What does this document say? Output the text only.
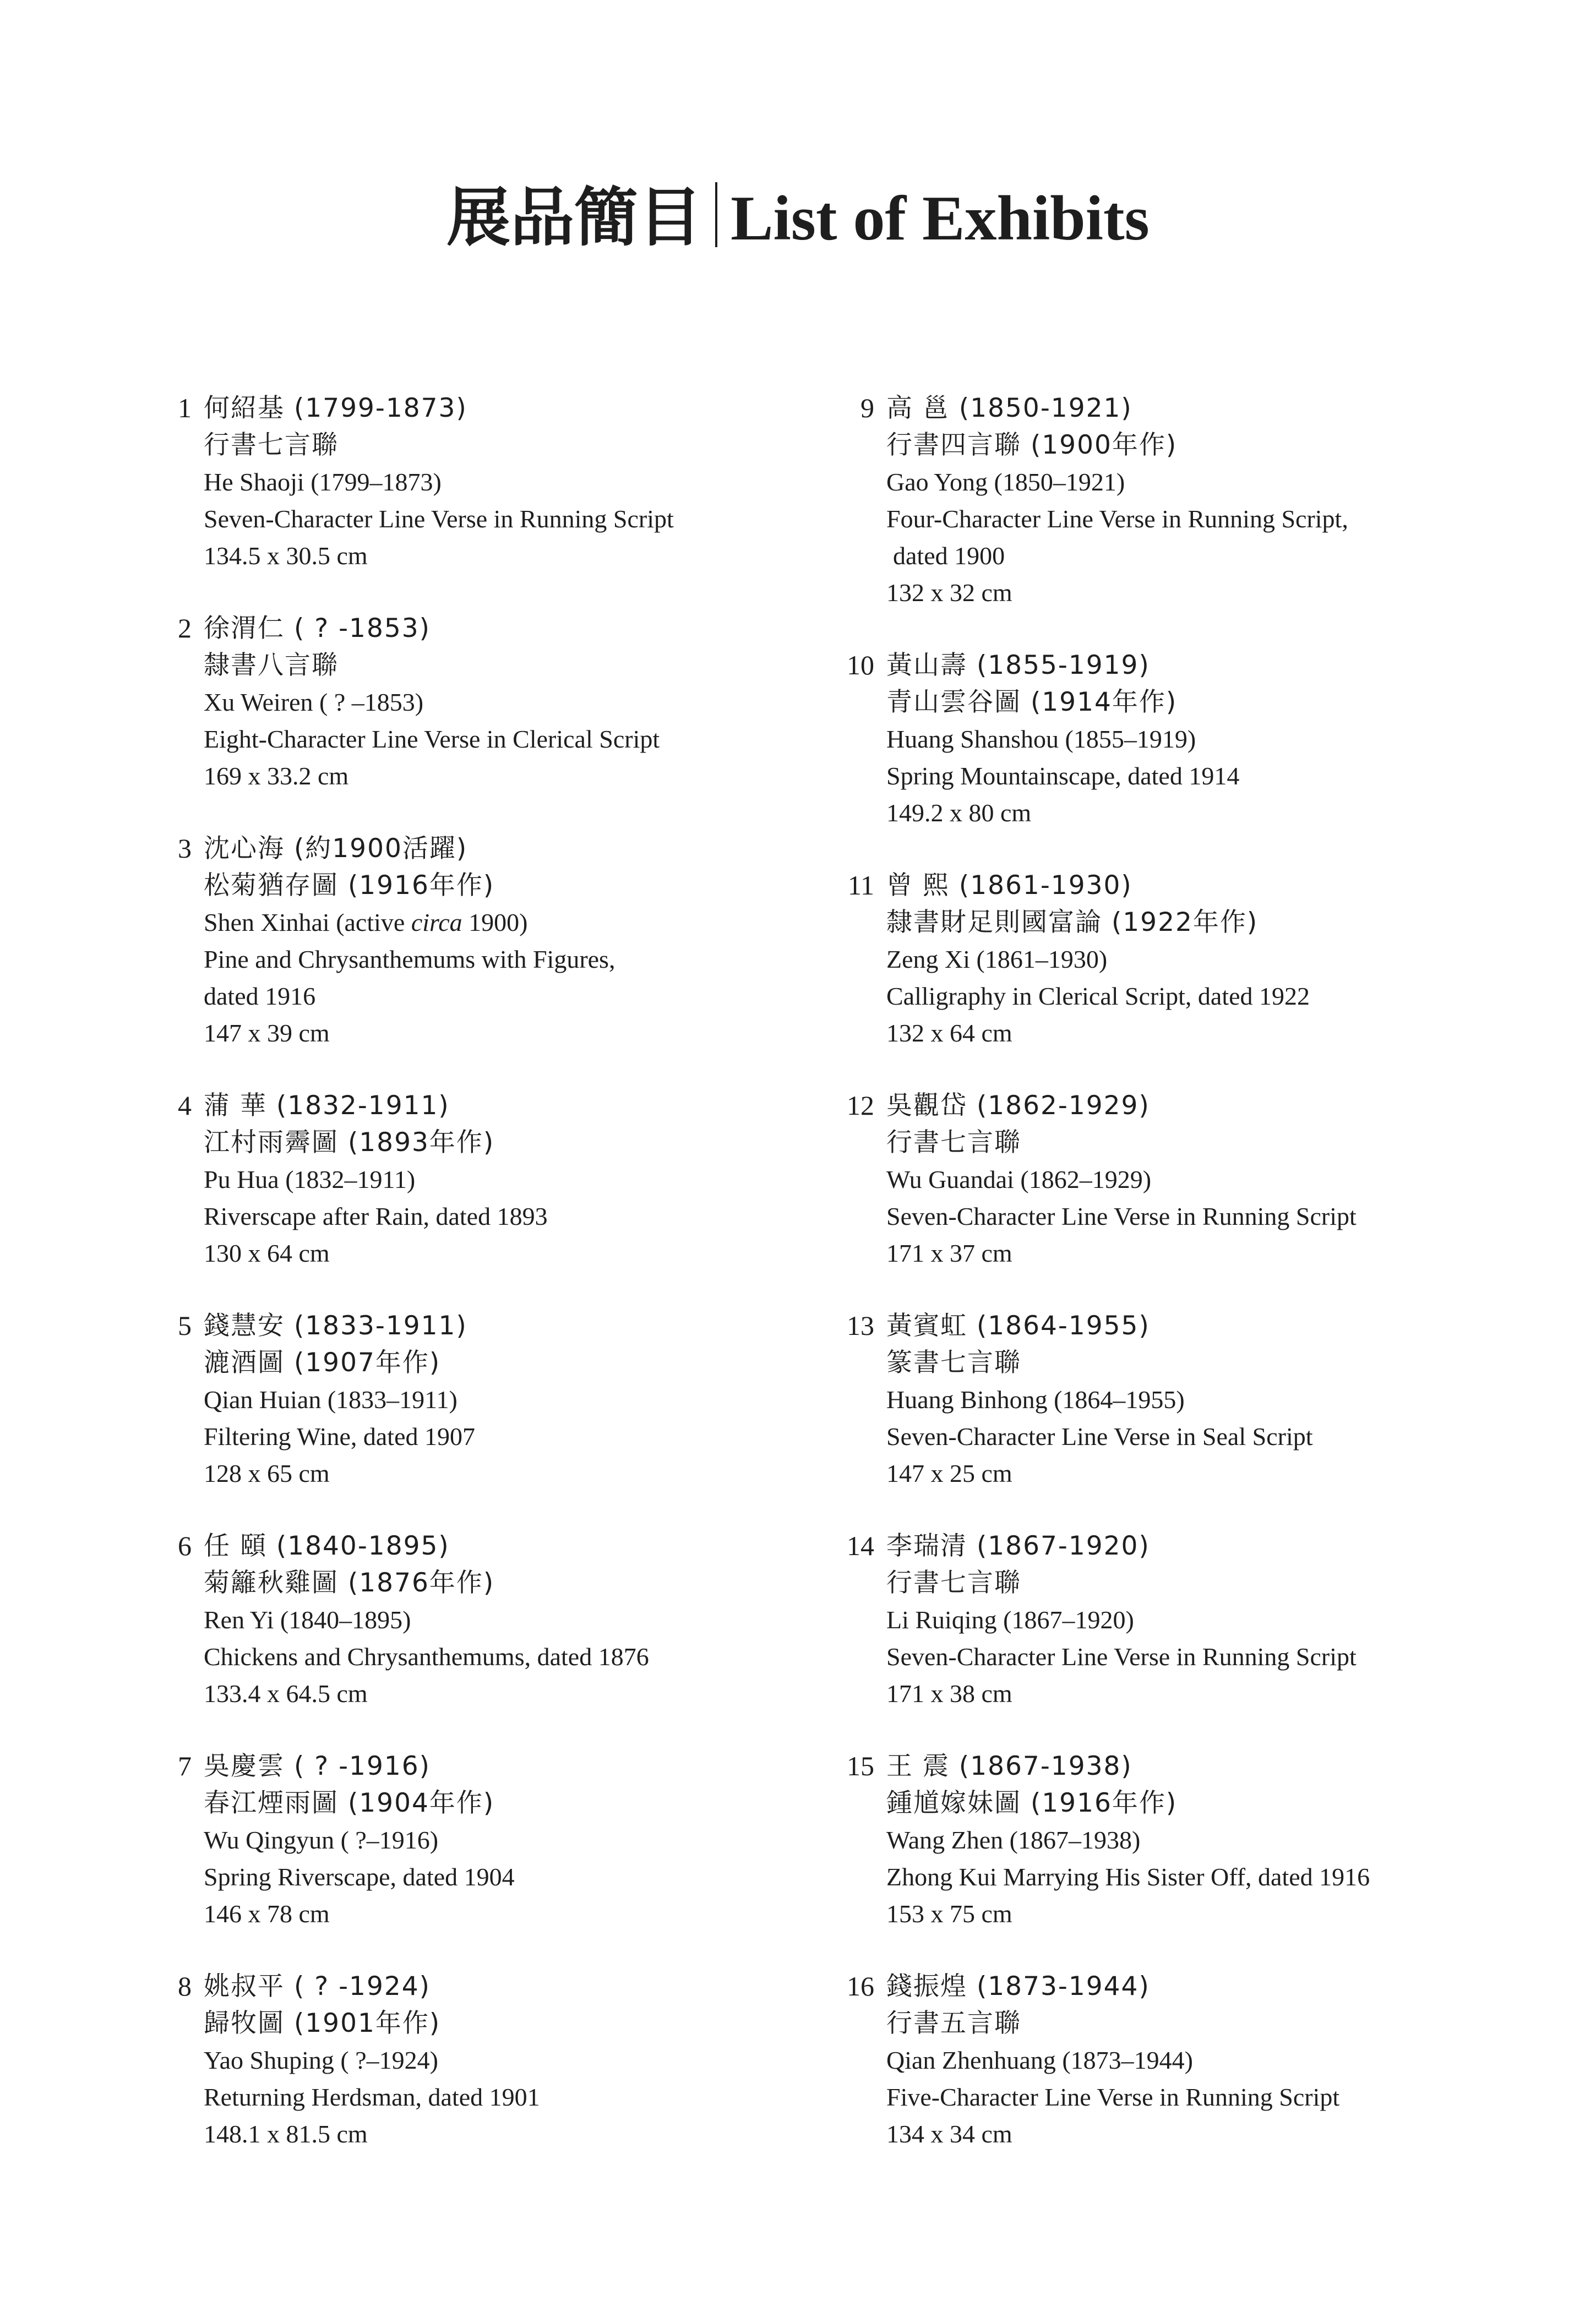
展品簡目 List of Exhibits
1 何紹基 (1799-1873)
行書七言聯
He Shaoji (1799–1873)
Seven-Character Line Verse in Running Script
134.5 x 30.5 cm
2 徐渭仁 ( ? -1853)
隸書八言聯
Xu Weiren ( ? –1853)
Eight-Character Line Verse in Clerical Script
169 x 33.2 cm
3 沈心海 (約1900活躍)
松菊猶存圖 (1916年作)
Shen Xinhai (active circa 1900)
Pine and Chrysanthemums with Figures,
dated 1916
147 x 39 cm
4 蒲 華 (1832-1911)
江村雨霽圖 (1893年作)
Pu Hua (1832–1911)
Riverscape after Rain, dated 1893
130 x 64 cm
5 錢慧安 (1833-1911)
漉酒圖 (1907年作)
Qian Huian (1833–1911)
Filtering Wine, dated 1907
128 x 65 cm
6 任 頤 (1840-1895)
菊籬秋雞圖 (1876年作)
Ren Yi (1840–1895)
Chickens and Chrysanthemums, dated 1876
133.4 x 64.5 cm
7 吳慶雲 ( ? -1916)
春江煙雨圖 (1904年作)
Wu Qingyun ( ?–1916)
Spring Riverscape, dated 1904
146 x 78 cm
8 姚叔平 ( ? -1924)
歸牧圖 (1901年作)
Yao Shuping ( ?–1924)
Returning Herdsman, dated 1901
148.1 x 81.5 cm
9 高 邕 (1850-1921)
行書四言聯 (1900年作)
Gao Yong (1850–1921)
Four-Character Line Verse in Running Script,
dated 1900
132 x 32 cm
10 黃山壽 (1855-1919)
青山雲谷圖 (1914年作)
Huang Shanshou (1855–1919)
Spring Mountainscape, dated 1914
149.2 x 80 cm
11 曾 熙 (1861-1930)
隸書財足則國富論 (1922年作)
Zeng Xi (1861–1930)
Calligraphy in Clerical Script, dated 1922
132 x 64 cm
12 吳觀岱 (1862-1929)
行書七言聯
Wu Guandai (1862–1929)
Seven-Character Line Verse in Running Script
171 x 37 cm
13 黃賓虹 (1864-1955)
篆書七言聯
Huang Binhong (1864–1955)
Seven-Character Line Verse in Seal Script
147 x 25 cm
14 李瑞清 (1867-1920)
行書七言聯
Li Ruiqing (1867–1920)
Seven-Character Line Verse in Running Script
171 x 38 cm
15 王 震 (1867-1938)
鍾馗嫁妹圖 (1916年作)
Wang Zhen (1867–1938)
Zhong Kui Marrying His Sister Off, dated 1916
153 x 75 cm
16 錢振煌 (1873-1944)
行書五言聯
Qian Zhenhuang (1873–1944)
Five-Character Line Verse in Running Script
134 x 34 cm
